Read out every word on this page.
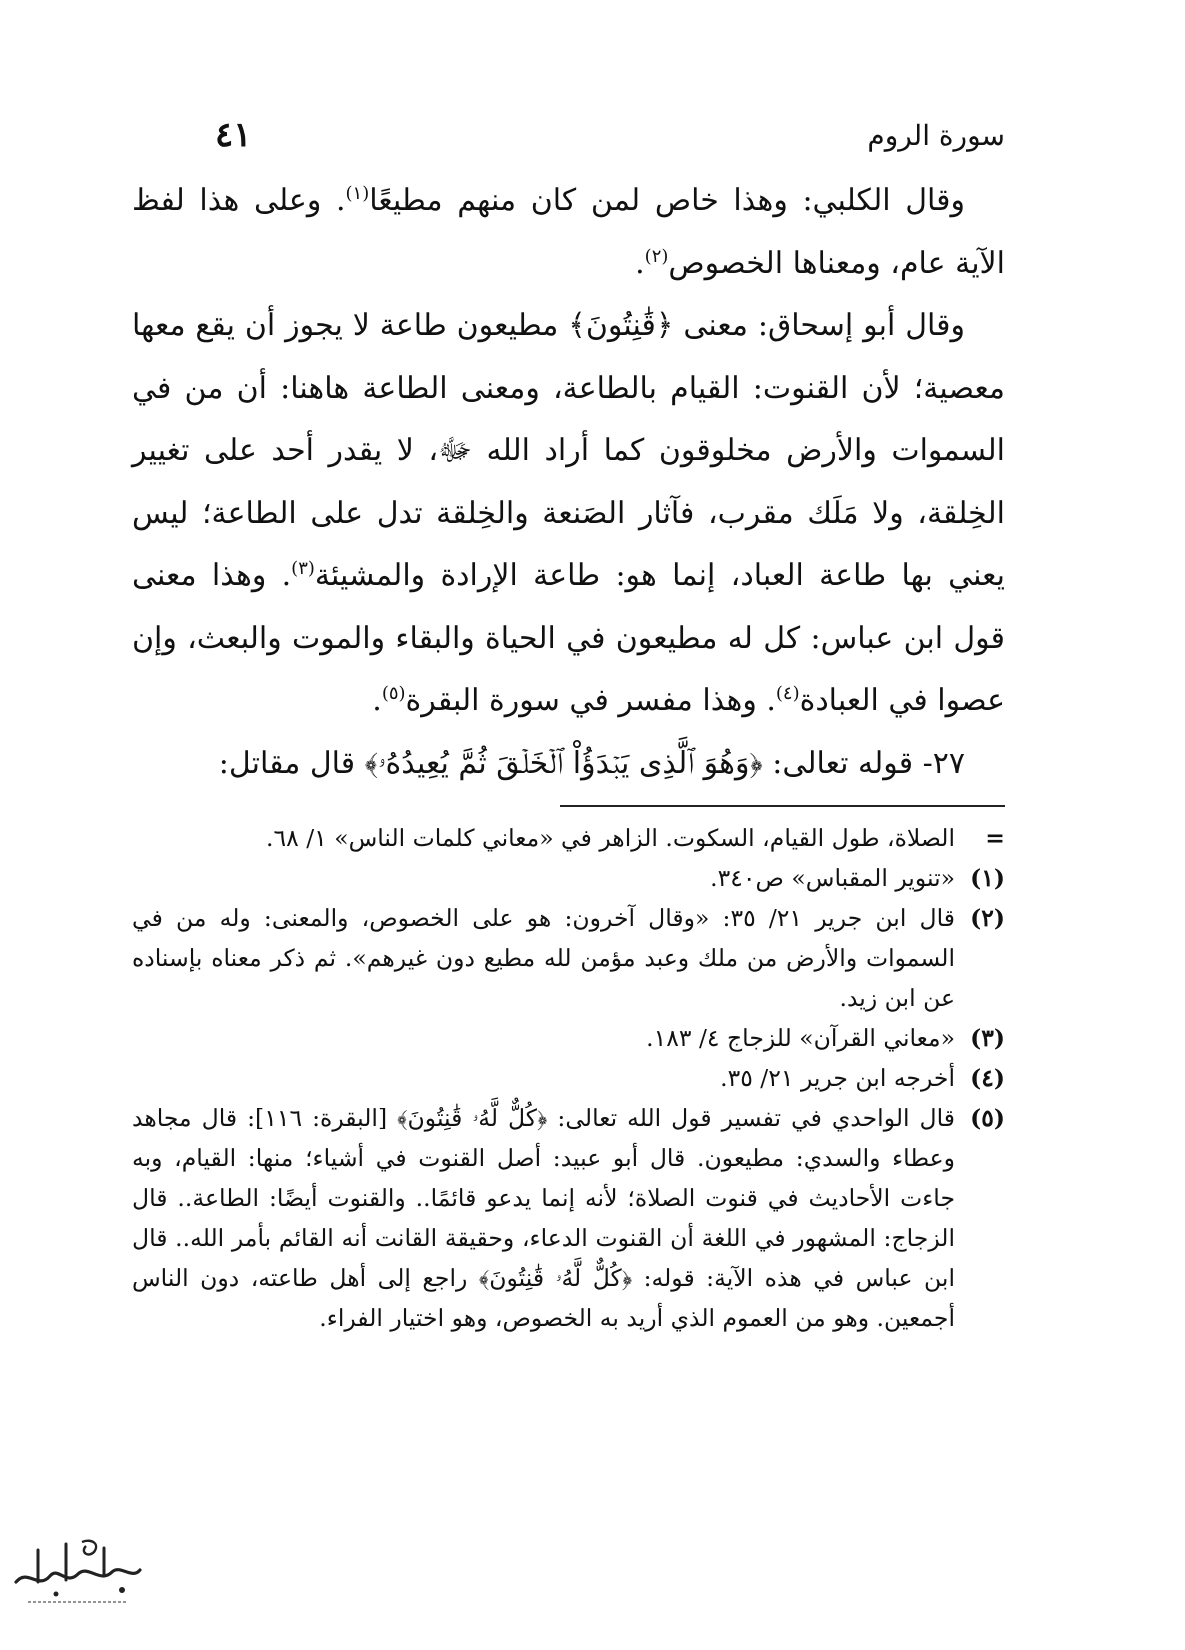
سورة الروم
٤١

وقال الكلبي: وهذا خاص لمن كان منهم مطيعًا$^{(١)}$. وعلى هذا لفظ الآية عام، ومعناها الخصوص$^{(٢)}$.

وقال أبو إسحاق: معنى ﴿قَٰنِتُونَ﴾ مطيعون طاعة لا يجوز أن يقع معها معصية؛ لأن القنوت: القيام بالطاعة، ومعنى الطاعة هاهنا: أن من في السموات والأرض مخلوقون كما أراد الله ﷻ، لا يقدر أحد على تغيير الخِلقة، ولا مَلَك مقرب، فآثار الصَنعة والخِلقة تدل على الطاعة؛ ليس يعني بها طاعة العباد، إنما هو: طاعة الإرادة والمشيئة$^{(٣)}$. وهذا معنى قول ابن عباس: كل له مطيعون في الحياة والبقاء والموت والبعث، وإن عصوا في العبادة$^{(٤)}$. وهذا مفسر في سورة البقرة$^{(٥)}$.

٢٧- قوله تعالى: ﴿وَهُوَ ٱلَّذِى يَبۡدَؤُاْ ٱلۡخَلۡقَ ثُمَّ يُعِيدُهُۥ﴾ قال مقاتل:

=
الصلاة، طول القيام، السكوت. الزاهر في «معاني كلمات الناس» ١/ ٦٨.
(١)
«تنوير المقباس» ص٣٤٠.
(٢)
قال ابن جرير ٢١/ ٣٥: «وقال آخرون: هو على الخصوص، والمعنى: وله من في السموات والأرض من ملك وعبد مؤمن لله مطيع دون غيرهم». ثم ذكر معناه بإسناده عن ابن زيد.
(٣)
«معاني القرآن» للزجاج ٤/ ١٨٣.
(٤)
أخرجه ابن جرير ٢١/ ٣٥.
(٥)
قال الواحدي في تفسير قول الله تعالى: ﴿كُلٌّ لَّهُۥ قَٰنِتُونَ﴾ [البقرة: ١١٦]: قال مجاهد وعطاء والسدي: مطيعون. قال أبو عبيد: أصل القنوت في أشياء؛ منها: القيام، وبه جاءت الأحاديث في قنوت الصلاة؛ لأنه إنما يدعو قائمًا.. والقنوت أيضًا: الطاعة.. قال الزجاج: المشهور في اللغة أن القنوت الدعاء، وحقيقة القانت أنه القائم بأمر الله.. قال ابن عباس في هذه الآية: قوله: ﴿كُلٌّ لَّهُۥ قَٰنِتُونَ﴾ راجع إلى أهل طاعته، دون الناس أجمعين. وهو من العموم الذي أريد به الخصوص، وهو اختيار الفراء.
